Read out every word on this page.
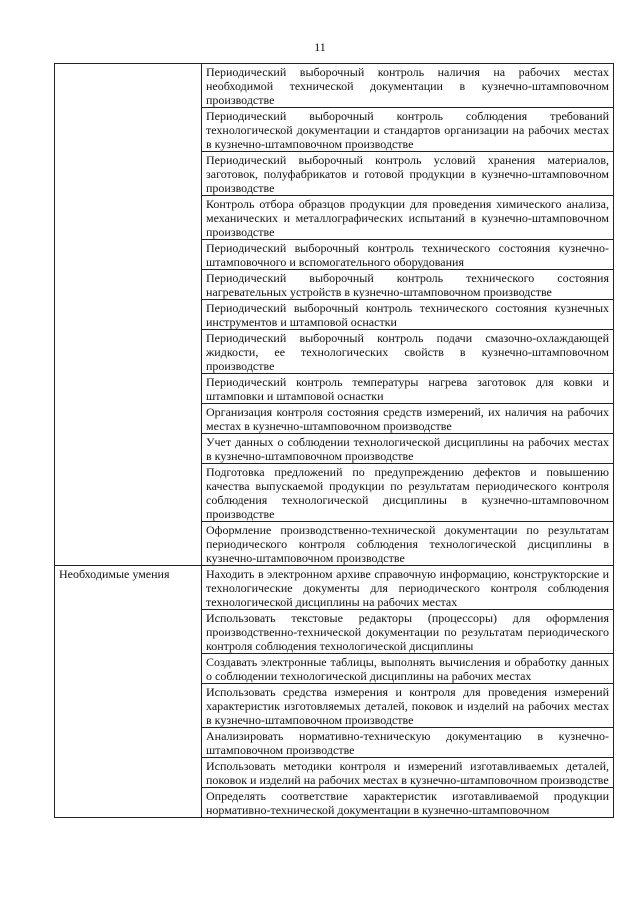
11
	Периодический выборочный контроль наличия на рабочих местах необходимой технической документации в кузнечно-штамповочном производстве
	Периодический выборочный контроль соблюдения требований технологической документации и стандартов организации на рабочих местах в кузнечно-штамповочном производстве
	Периодический выборочный контроль условий хранения материалов, заготовок, полуфабрикатов и готовой продукции в кузнечно-штамповочном производстве
	Контроль отбора образцов продукции для проведения химического анализа, механических и металлографических испытаний в кузнечно-штамповочном производстве
	Периодический выборочный контроль технического состояния кузнечно-штамповочного и вспомогательного оборудования
	Периодический выборочный контроль технического состояния нагревательных устройств в кузнечно-штамповочном производстве
	Периодический выборочный контроль технического состояния кузнечных инструментов и штамповой оснастки
	Периодический выборочный контроль подачи смазочно-охлаждающей жидкости, ее технологических свойств в кузнечно-штамповочном производстве
	Периодический контроль температуры нагрева заготовок для ковки и штамповки и штамповой оснастки
	Организация контроля состояния средств измерений, их наличия на рабочих местах в кузнечно-штамповочном производстве
	Учет данных о соблюдении технологической дисциплины на рабочих местах в кузнечно-штамповочном производстве
	Подготовка предложений по предупреждению дефектов и повышению качества выпускаемой продукции по результатам периодического контроля соблюдения технологической дисциплины в кузнечно-штамповочном производстве
	Оформление производственно-технической документации по результатам периодического контроля соблюдения технологической дисциплины в кузнечно-штамповочном производстве
Необходимые умения	Находить в электронном архиве справочную информацию, конструкторские и технологические документы для периодического контроля соблюдения технологической дисциплины на рабочих местах
	Использовать текстовые редакторы (процессоры) для оформления производственно-технической документации по результатам периодического контроля соблюдения технологической дисциплины
	Создавать электронные таблицы, выполнять вычисления и обработку данных о соблюдении технологической дисциплины на рабочих местах
	Использовать средства измерения и контроля для проведения измерений характеристик изготовляемых деталей, поковок и изделий на рабочих местах в кузнечно-штамповочном производстве
	Анализировать нормативно-техническую документацию в кузнечно-штамповочном производстве
	Использовать методики контроля и измерений изготавливаемых деталей, поковок и изделий на рабочих местах в кузнечно-штамповочном производстве
	Определять соответствие характеристик изготавливаемой продукции нормативно-технической документации в кузнечно-штамповочном
